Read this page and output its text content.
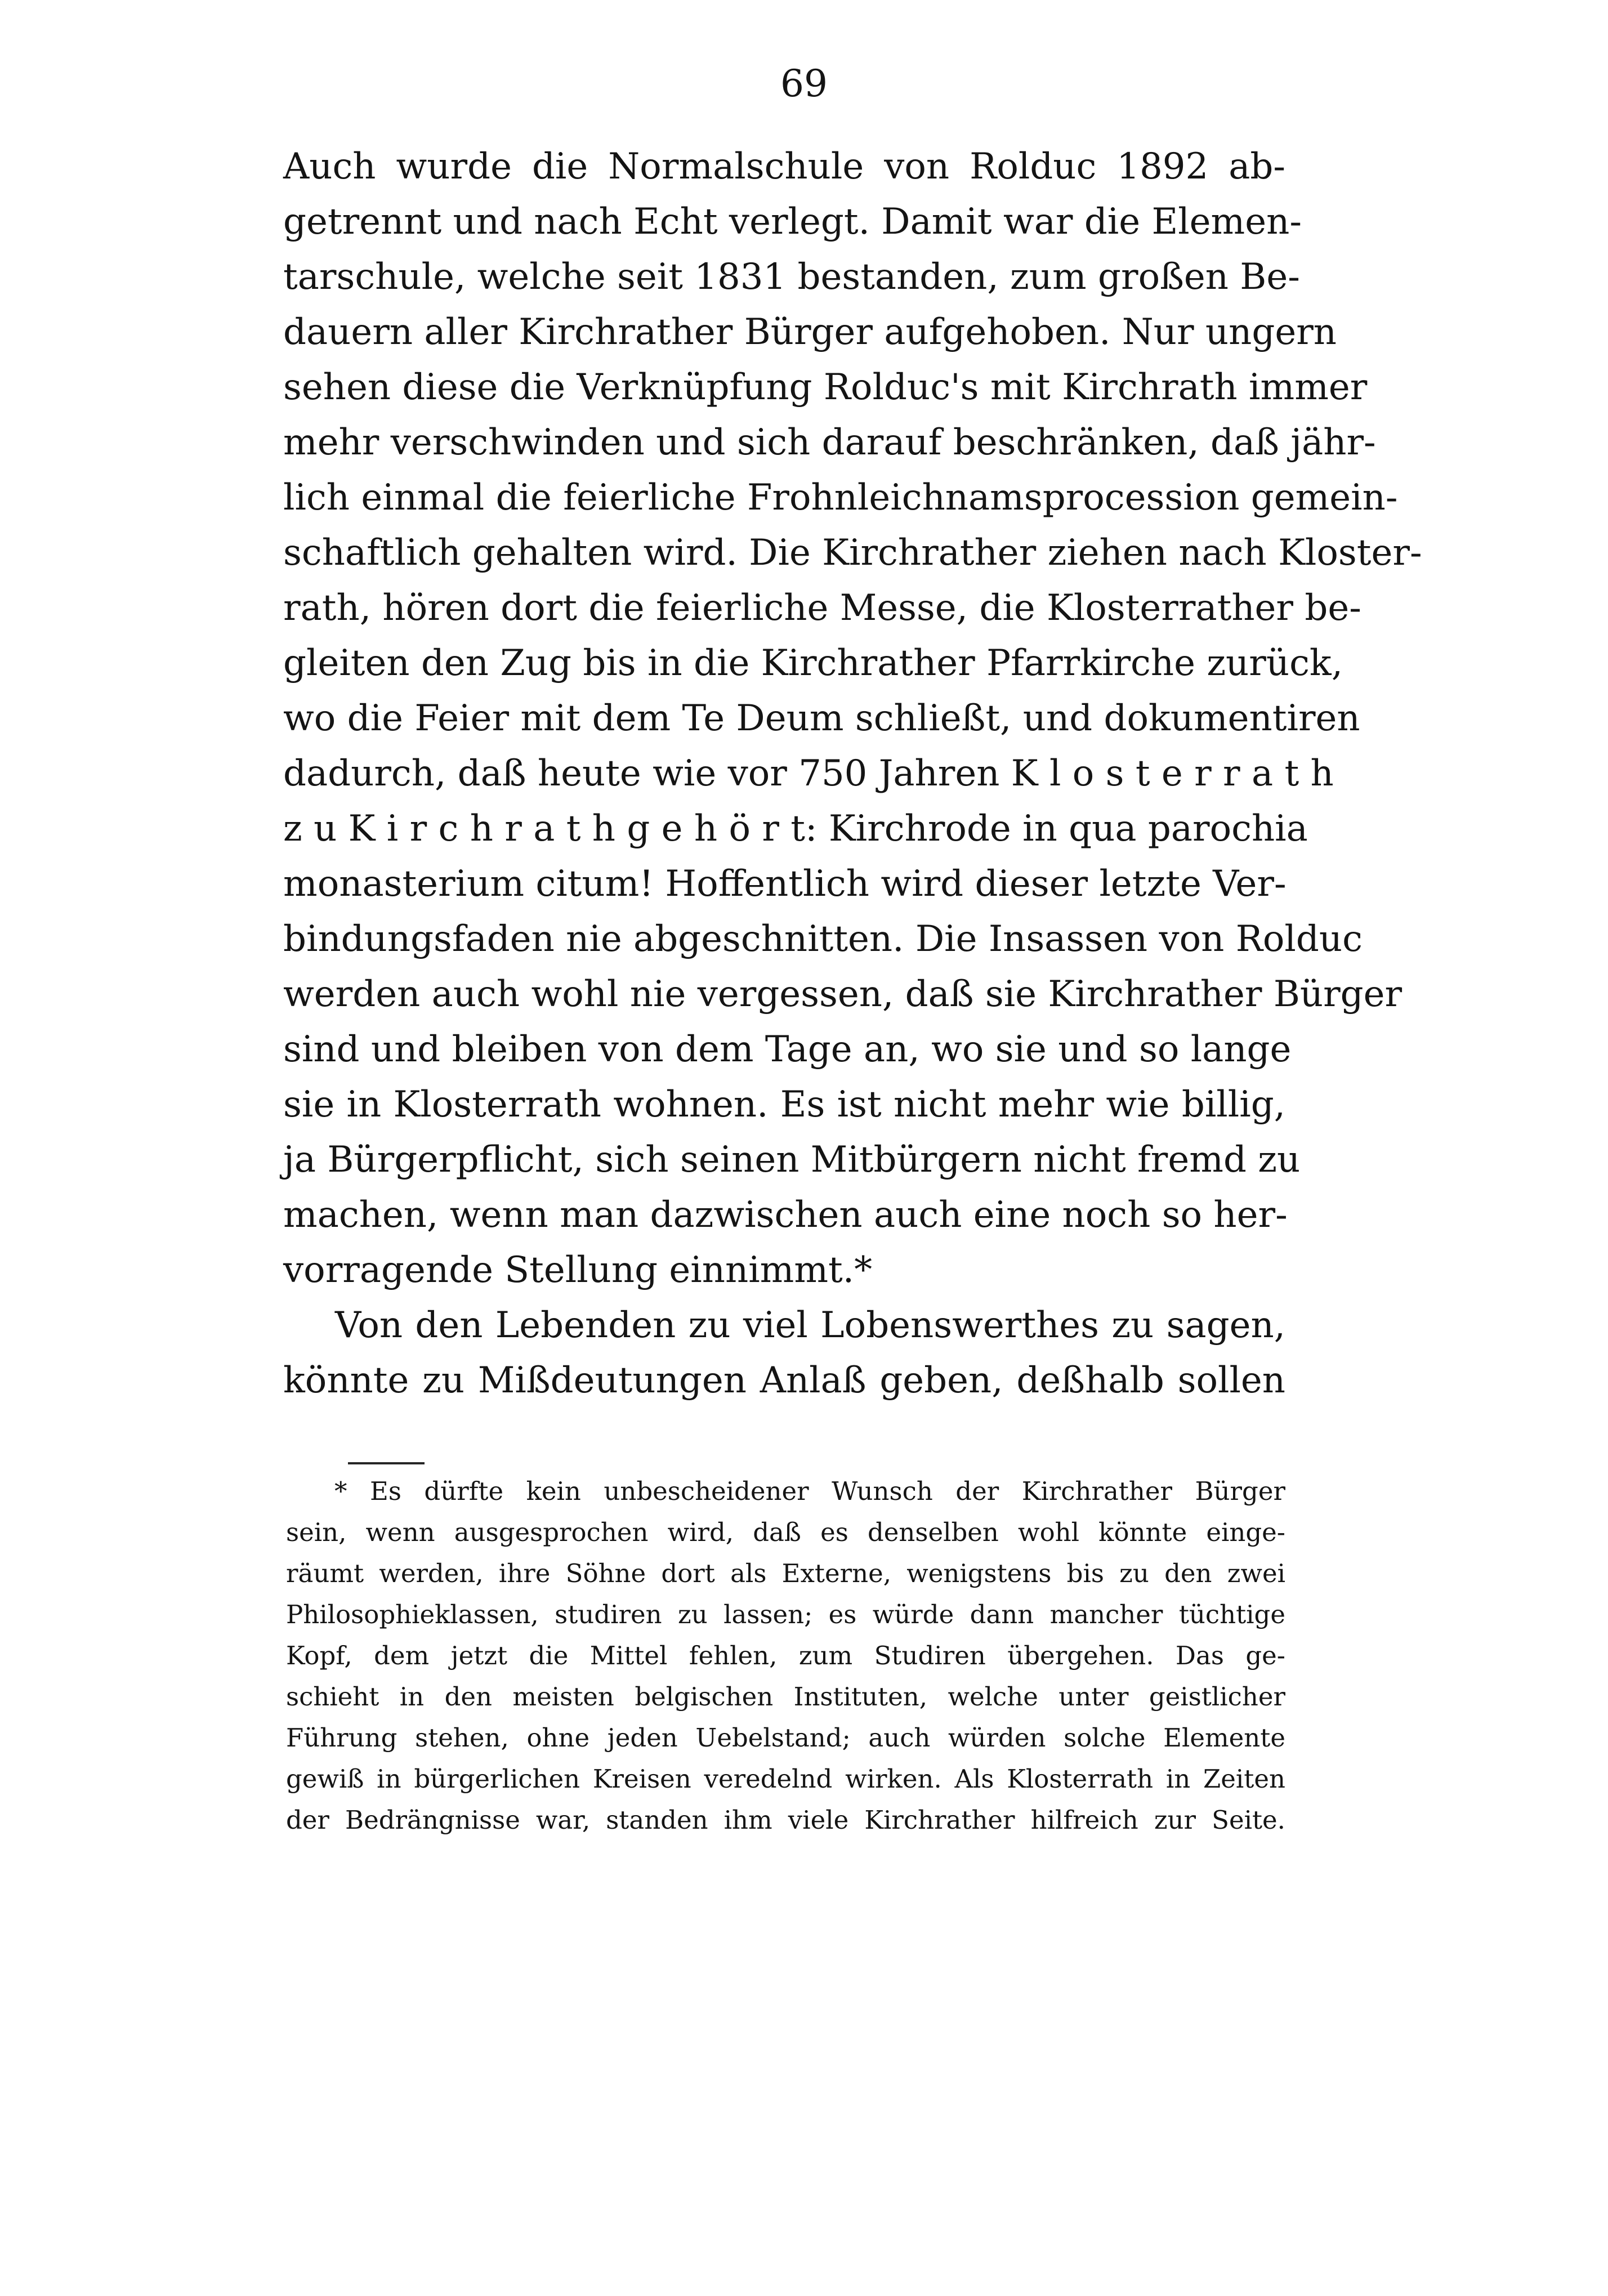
69
Auch wurde die Normalschule von Rolduc 1892 ab-
getrennt und nach Echt verlegt. Damit war die Elemen-
tarschule, welche seit 1831 bestanden, zum großen Be-
dauern aller Kirchrather Bürger aufgehoben. Nur ungern
sehen diese die Verknüpfung Rolduc's mit Kirchrath immer
mehr verschwinden und sich darauf beschränken, daß jähr-
lich einmal die feierliche Frohnleichnamsprocession gemein-
schaftlich gehalten wird. Die Kirchrather ziehen nach Kloster-
rath, hören dort die feierliche Messe, die Klosterrather be-
gleiten den Zug bis in die Kirchrather Pfarrkirche zurück,
wo die Feier mit dem Te Deum schließt, und dokumentiren
dadurch, daß heute wie vor 750 Jahren K l o s t e r r a t h
z u K i r c h r a t h g e h ö r t: Kirchrode in qua parochia
monasterium citum! Hoffentlich wird dieser letzte Ver-
bindungsfaden nie abgeschnitten. Die Insassen von Rolduc
werden auch wohl nie vergessen, daß sie Kirchrather Bürger
sind und bleiben von dem Tage an, wo sie und so lange
sie in Klosterrath wohnen. Es ist nicht mehr wie billig,
ja Bürgerpflicht, sich seinen Mitbürgern nicht fremd zu
machen, wenn man dazwischen auch eine noch so her-
vorragende Stellung einnimmt.*
Von den Lebenden zu viel Lobenswerthes zu sagen,
könnte zu Mißdeutungen Anlaß geben, deßhalb sollen
* Es dürfte kein unbescheidener Wunsch der Kirchrather Bürger
sein, wenn ausgesprochen wird, daß es denselben wohl könnte einge-
räumt werden, ihre Söhne dort als Externe, wenigstens bis zu den zwei
Philosophieklassen, studiren zu lassen; es würde dann mancher tüchtige
Kopf, dem jetzt die Mittel fehlen, zum Studiren übergehen. Das ge-
schieht in den meisten belgischen Instituten, welche unter geistlicher
Führung stehen, ohne jeden Uebelstand; auch würden solche Elemente
gewiß in bürgerlichen Kreisen veredelnd wirken. Als Klosterrath in Zeiten
der Bedrängnisse war, standen ihm viele Kirchrather hilfreich zur Seite.
